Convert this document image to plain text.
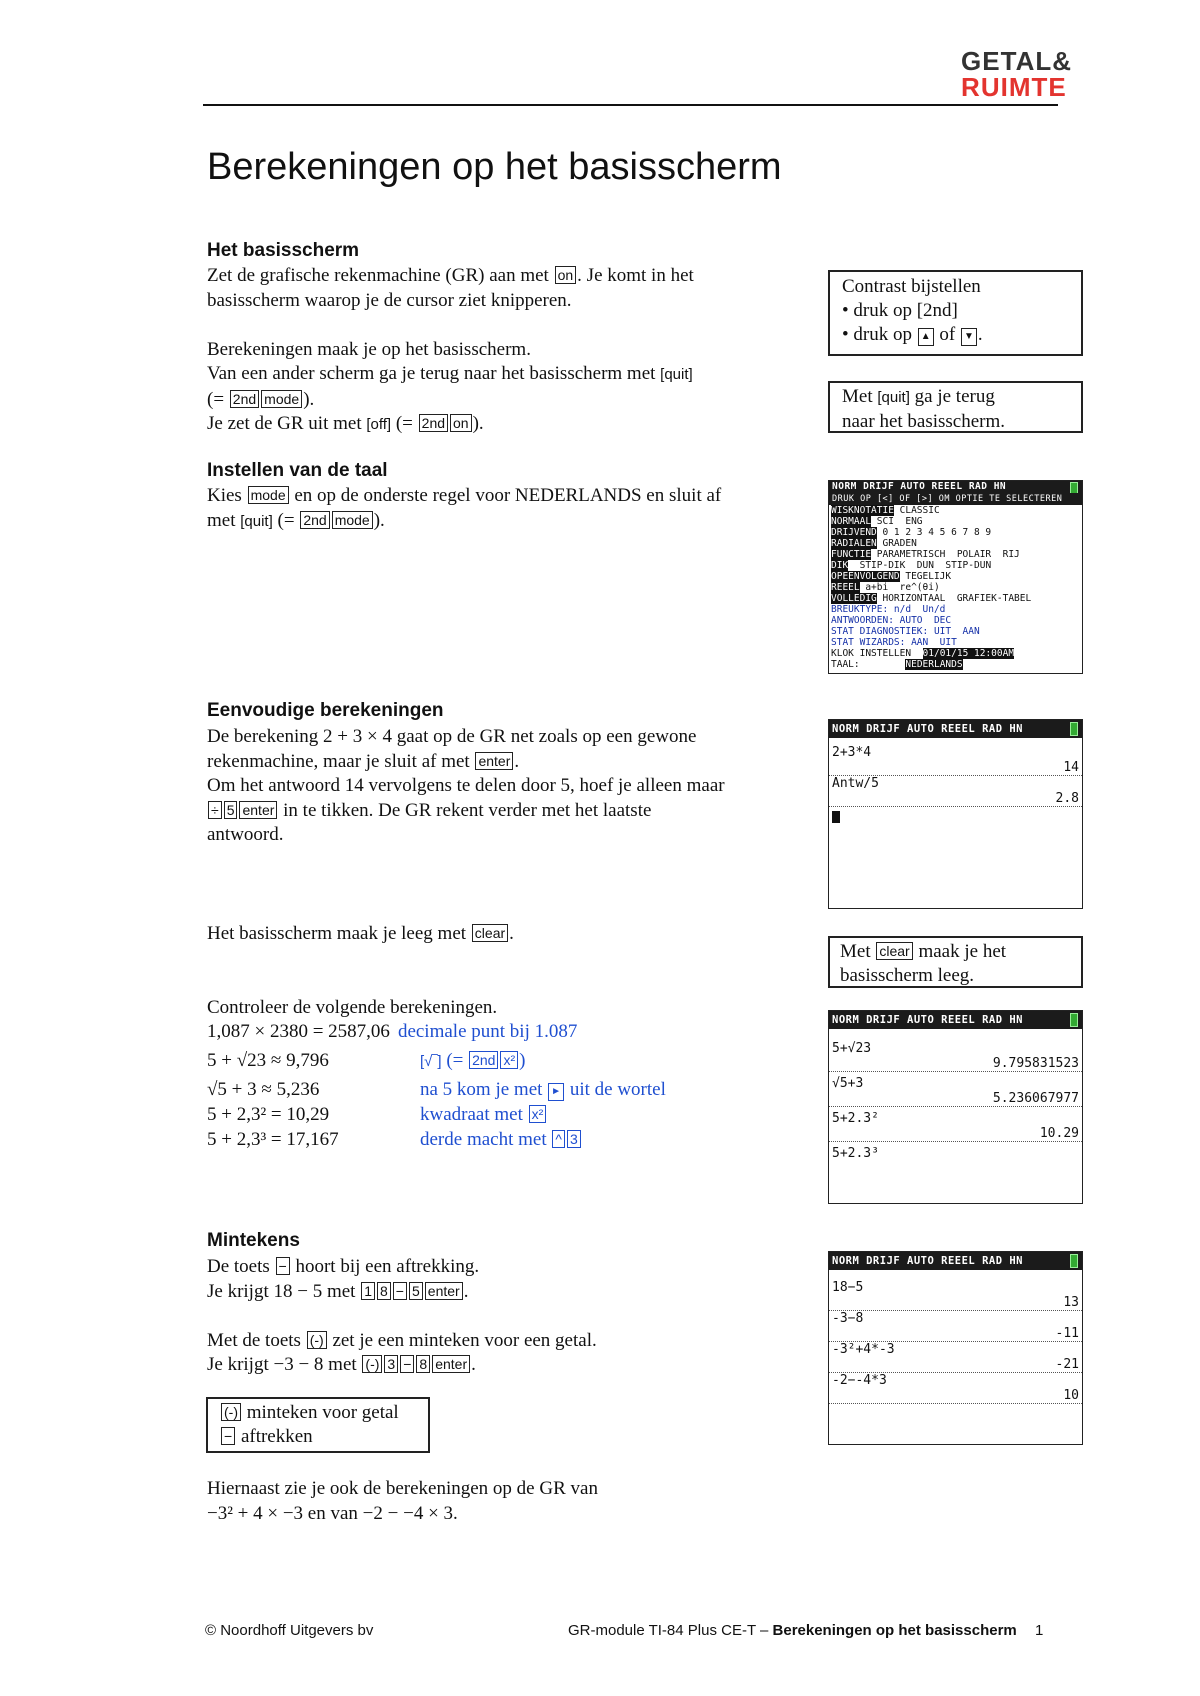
GETAL&
RUIMTE
Berekeningen op het basisscherm
Het basisscherm
Zet de grafische rekenmachine (GR) aan met on . Je komt in het
basisscherm waarop je de cursor ziet knipperen.
Berekeningen maak je op het basisscherm.
Van een ander scherm ga je terug naar het basisscherm met [quit]
(= 2nd mode ).
Je zet de GR uit met [off] (= 2nd on ).
Contrast bijstellen
• druk op [2nd]
• druk op ▲ of ▼ .
Met [quit] ga je terug
naar het basisscherm.
Instellen van de taal
Kies mode en op de onderste regel voor NEDERLANDS en sluit af
met [quit] (= 2nd mode ).
NORM DRIJF AUTO REEEL RAD HN
DRUK OP [<] OF [>] OM OPTIE TE SELECTEREN
WISKNOTATIE CLASSIC
NORMAAL SCI  ENG
DRIJVEND 0 1 2 3 4 5 6 7 8 9
RADIALEN GRADEN
FUNCTIE PARAMETRISCH  POLAIR  RIJ
DIK  STIP-DIK  DUN  STIP-DUN
OPEENVOLGEND TEGELIJK
REEEL a+bi  re^(θi)
VOLLEDIG HORIZONTAAL  GRAFIEK-TABEL
BREUKTYPE: n/d  Un/d
ANTWOORDEN: AUTO  DEC
STAT DIAGNOSTIEK: UIT  AAN
STAT WIZARDS: AAN  UIT
KLOK INSTELLEN 01/01/15 12:00AM
TAAL:	NEDERLANDS
Eenvoudige berekeningen
De berekening 2 + 3 × 4 gaat op de GR net zoals op een gewone
rekenmachine, maar je sluit af met enter .
Om het antwoord 14 vervolgens te delen door 5, hoef je alleen maar
÷ 5 enter in te tikken. De GR rekent verder met het laatste
antwoord.
Het basisscherm maak je leeg met clear .
NORM DRIJF AUTO REEEL RAD HN
2+3*4
14
Antw/5
2.8
Met clear maak je het
basisscherm leeg.
Controleer de volgende berekeningen.
1,087 × 2380 = 2587,06 decimale punt bij 1.087
5 + √23 ≈ 9,796	[√‾] (= 2nd x² )
√5 + 3 ≈ 5,236	na 5 kom je met ► uit de wortel
5 + 2,3² = 10,29	kwadraat met x²
5 + 2,3³ = 17,167	derde macht met ^ 3
NORM DRIJF AUTO REEEL RAD HN
5+√23
9.795831523
√5+3
5.236067977
5+2.3²
10.29
5+2.3³
Mintekens
De toets − hoort bij een aftrekking.
Je krijgt 18 − 5 met 1 8 − 5 enter .
Met de toets (-) zet je een minteken voor een getal.
Je krijgt −3 − 8 met (-) 3 − 8 enter .
(-) minteken voor getal
− aftrekken
Hiernaast zie je ook de berekeningen op de GR van
−3² + 4 × −3 en van −2 − −4 × 3.
NORM DRIJF AUTO REEEL RAD HN
18−5
13
-3−8
-11
-3²+4*-3
-21
-2−-4*3
10
© Noordhoff Uitgevers bv	GR-module TI-84 Plus CE-T – Berekeningen op het basisscherm 1
